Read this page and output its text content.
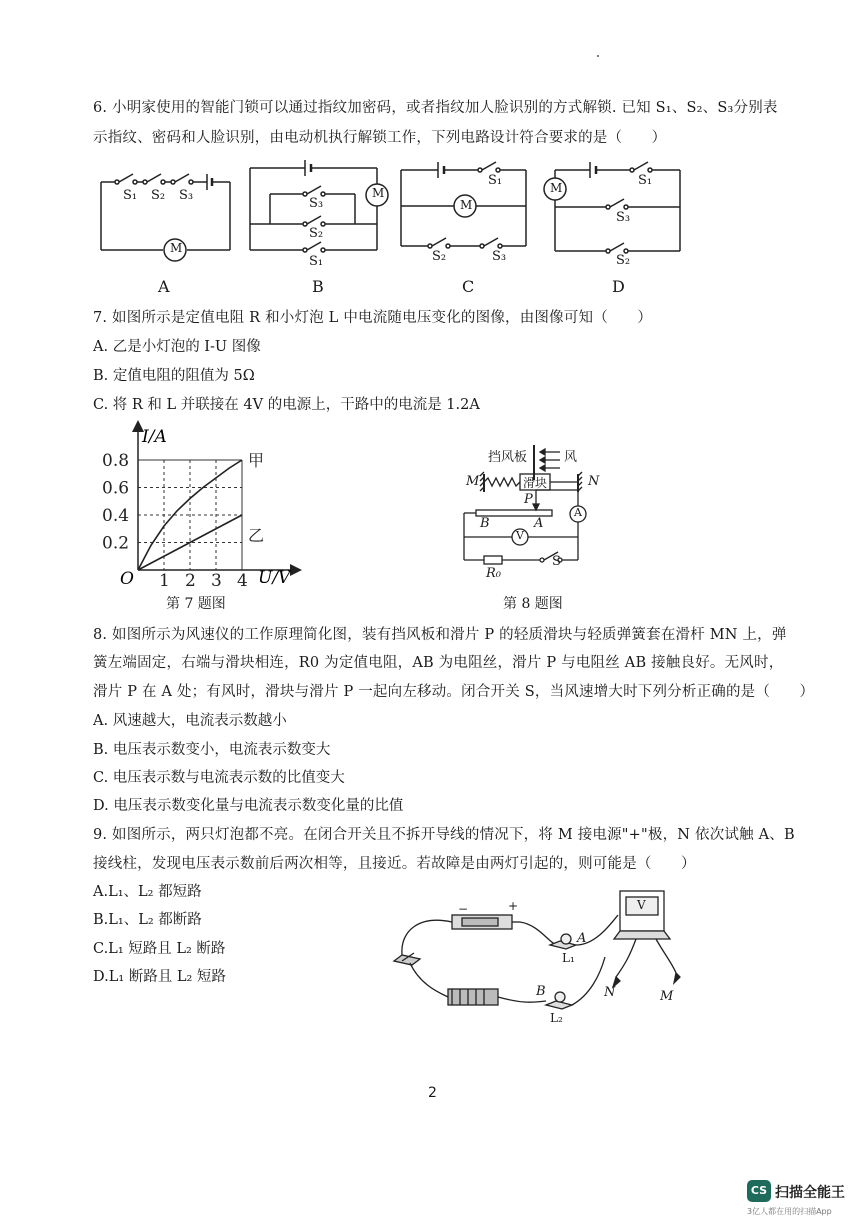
6. 小明家使用的智能门锁可以通过指纹加密码，或者指纹加人脸识别的方式解锁. 已知 S₁、S₂、S₃分别表
示指纹、密码和人脸识别，由电动机执行解锁工作，下列电路设计符合要求的是（　　）
S₁ S₂ S₃
M
M
S₃
S₂
S₁
S₁
M
S₂	S₃
M	S₁
S₃
S₂
A	B	C	D
7. 如图所示是定值电阻 R 和小灯泡 L 中电流随电压变化的图像，由图像可知（　　）
A. 乙是小灯泡的 I-U 图像
B. 定值电阻的阻值为 5Ω
C. 将 R 和 L 并联接在 4V 的电源上，干路中的电流是 1.2A
1 2 3 4
0.2
0.4
0.6
0.8	甲
乙
I/A
U/V
O
第 7 题图
挡风板	风
滑块
M	N
P
B	A
A
V
R₀
S
第 8 题图
8. 如图所示为风速仪的工作原理简化图，装有挡风板和滑片 P 的轻质滑块与轻质弹簧套在滑杆 MN 上，弹
簧左端固定，右端与滑块相连，R0 为定值电阻，AB 为电阻丝，滑片 P 与电阻丝 AB 接触良好。无风时，
滑片 P 在 A 处；有风时，滑块与滑片 P 一起向左移动。闭合开关 S，当风速增大时下列分析正确的是（　　）
A. 风速越大，电流表示数越小
B. 电压表示数变小，电流表示数变大
C. 电压表示数与电流表示数的比值变大
D. 电压表示数变化量与电流表示数变化量的比值
9. 如图所示，两只灯泡都不亮。在闭合开关且不拆开导线的情况下，将 M 接电源"+"极，N 依次试触 A、B
接线柱，发现电压表示数前后两次相等，且接近。若故障是由两灯引起的，则可能是（　　）
A.L₁、L₂ 都短路
B.L₁、L₂ 都断路
C.L₁ 短路且 L₂ 断路
D.L₁ 断路且 L₂ 短路
−	+
A
L₁
B
L₂
V
N	M
2
CS 扫描全能王
3亿人都在用的扫描App
